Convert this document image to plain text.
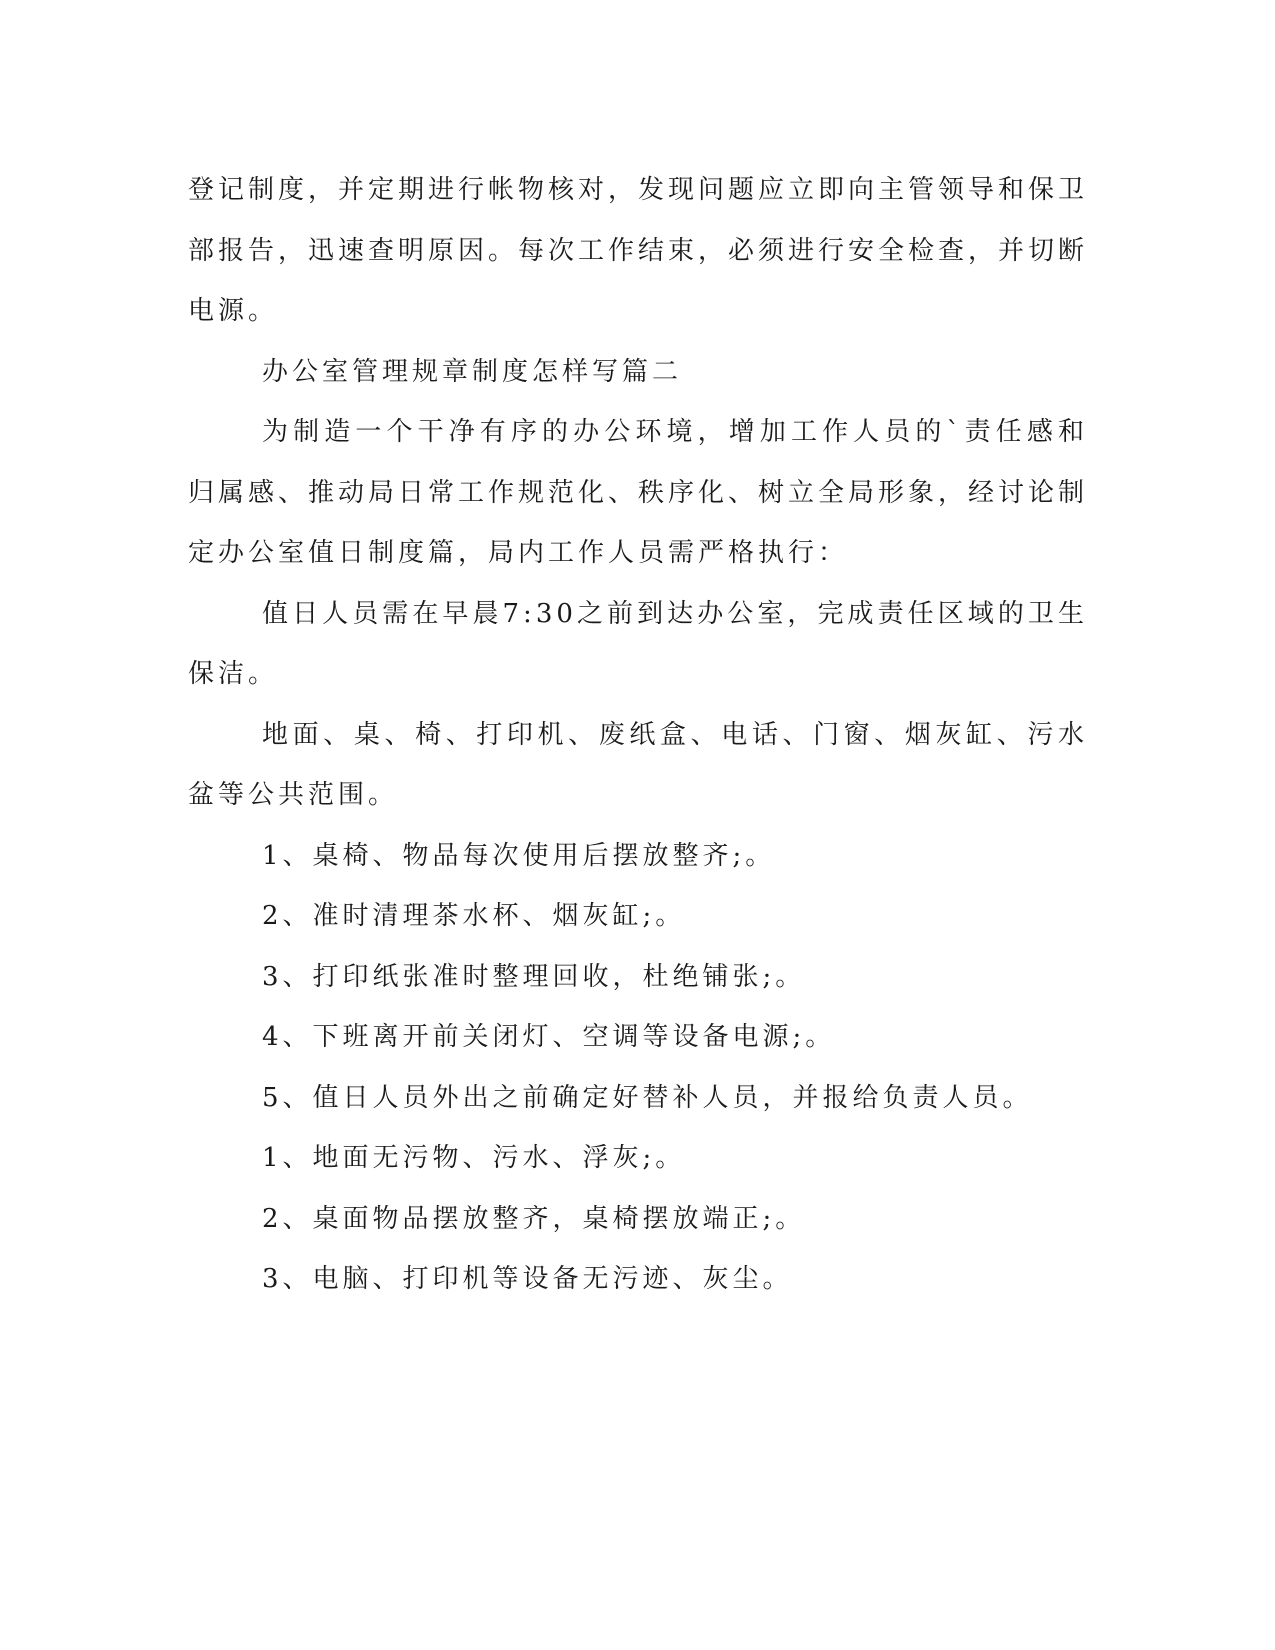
登记制度，并定期进行帐物核对，发现问题应立即向主管领导和保卫部报告，迅速查明原因。每次工作结束，必须进行安全检查，并切断电源。

办公室管理规章制度怎样写篇二

为制造一个干净有序的办公环境，增加工作人员的`责任感和归属感、推动局日常工作规范化、秩序化、树立全局形象，经讨论制定办公室值日制度篇，局内工作人员需严格执行：

值日人员需在早晨7:30之前到达办公室，完成责任区域的卫生保洁。

地面、桌、椅、打印机、废纸盒、电话、门窗、烟灰缸、污水盆等公共范围。

1、桌椅、物品每次使用后摆放整齐;。

2、准时清理茶水杯、烟灰缸;。

3、打印纸张准时整理回收，杜绝铺张;。

4、下班离开前关闭灯、空调等设备电源;。

5、值日人员外出之前确定好替补人员，并报给负责人员。

1、地面无污物、污水、浮灰;。

2、桌面物品摆放整齐，桌椅摆放端正;。

3、电脑、打印机等设备无污迹、灰尘。
